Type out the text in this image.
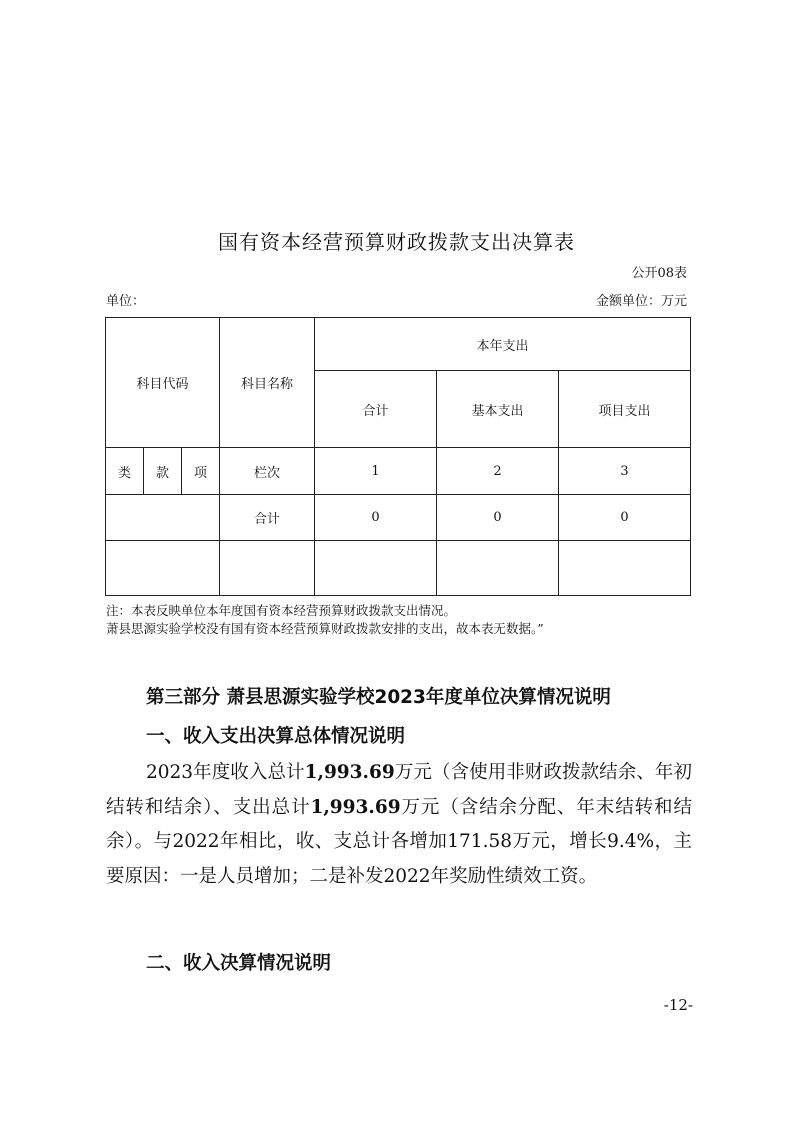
国有资本经营预算财政拨款支出决算表
公开08表
单位：	金额单位：万元
科目代码			科目名称	本年支出		
				合计	基本支出	项目支出
类	款	项	栏次	1	2	3
			合计	0	0	0

注：本表反映单位本年度国有资本经营预算财政拨款支出情况。
萧县思源实验学校没有国有资本经营预算财政拨款安排的支出，故本表无数据。”
第三部分 萧县思源实验学校2023年度单位决算情况说明
一、收入支出决算总体情况说明
2023年度收入总计1,993.69万元（含使用非财政拨款结余、年初结转和结余）、支出总计1,993.69万元（含结余分配、年末结转和结余）。与2022年相比，收、支总计各增加171.58万元，增长9.4%，主要原因：一是人员增加；二是补发2022年奖励性绩效工资。
二、收入决算情况说明
-12-
